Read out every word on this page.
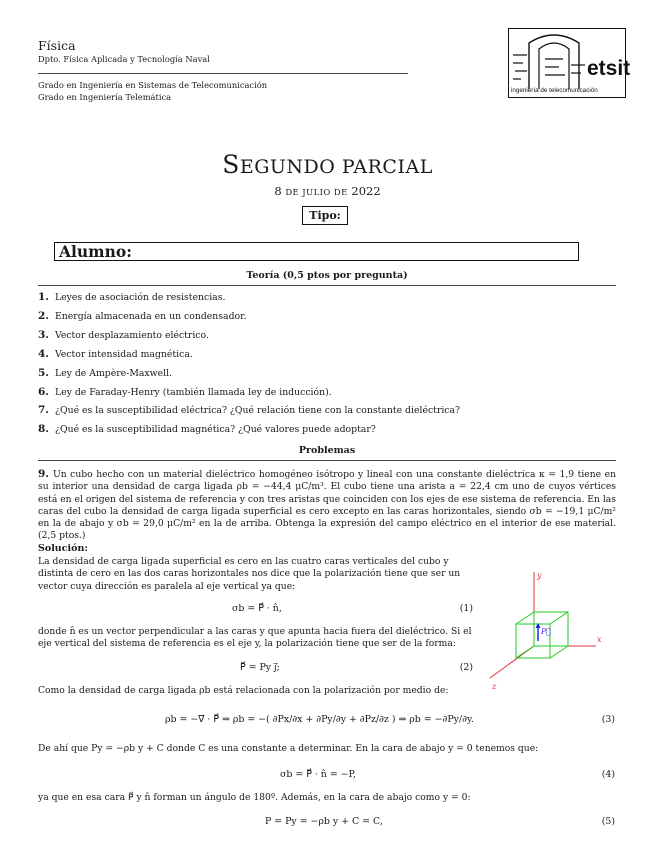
Física
Dpto. Física Aplicada y Tecnología Naval
Grado en Ingeniería en Sistemas de Telecomunicación
Grado en Ingeniería Telemática
etsit
ingeniería de telecomunicación
SEGUNDO PARCIAL
8 DE JULIO DE 2022
Tipo:
Alumno:
Teoría (0,5 ptos por pregunta)
1. Leyes de asociación de resistencias.
2. Energía almacenada en un condensador.
3. Vector desplazamiento eléctrico.
4. Vector intensidad magnética.
5. Ley de Ampère-Maxwell.
6. Ley de Faraday-Henry (también llamada ley de inducción).
7. ¿Qué es la susceptibilidad eléctrica? ¿Qué relación tiene con la constante dieléctrica?
8. ¿Qué es la susceptibilidad magnética? ¿Qué valores puede adoptar?
Problemas
9. Un cubo hecho con un material dieléctrico homogéneo isótropo y lineal con una constante dieléctrica κ = 1,9 tiene en su interior una densidad de carga ligada ρb = −44,4 μC/m³. El cubo tiene una arista a = 22,4 cm uno de cuyos vértices está en el origen del sistema de referencia y con tres aristas que coinciden con los ejes de ese sistema de referencia. En las caras del cubo la densidad de carga ligada superficial es cero excepto en las caras horizontales, siendo σb = −19,1 μC/m² en la de abajo y σb = 29,0 μC/m² en la de arriba. Obtenga la expresión del campo eléctrico en el interior de ese material. (2,5 ptos.)
Solución:
La densidad de carga ligada superficial es cero en las cuatro caras verticales del cubo y distinta de cero en las dos caras horizontales nos dice que la polarización tiene que ser un vector cuya dirección es paralela al eje vertical ya que:
σb = P⃗ · n̂,	(1)
donde n̂ es un vector perpendicular a las caras y que apunta hacia fuera del dieléctrico. Si el eje vertical del sistema de referencia es el eje y, la polarización tiene que ser de la forma:
P⃗ = Py ȷ⃗;	(2)
Como la densidad de carga ligada ρb está relacionada con la polarización por medio de:
ρb = −∇⃗ · P⃗ ⇒ ρb = −( ∂Px/∂x + ∂Py/∂y + ∂Pz/∂z ) ⇒ ρb = −∂Py/∂y.	(3)
De ahí que Py = −ρb y + C donde C es una constante a determinar. En la cara de abajo y = 0 tenemos que:
σb = P⃗ · n̂ = −P,	(4)
ya que en esa cara P⃗ y n̂ forman un ángulo de 180º. Además, en la cara de abajo como y = 0:
P = Py = −ρb y + C = C,	(5)
y
x
z
P⃗
